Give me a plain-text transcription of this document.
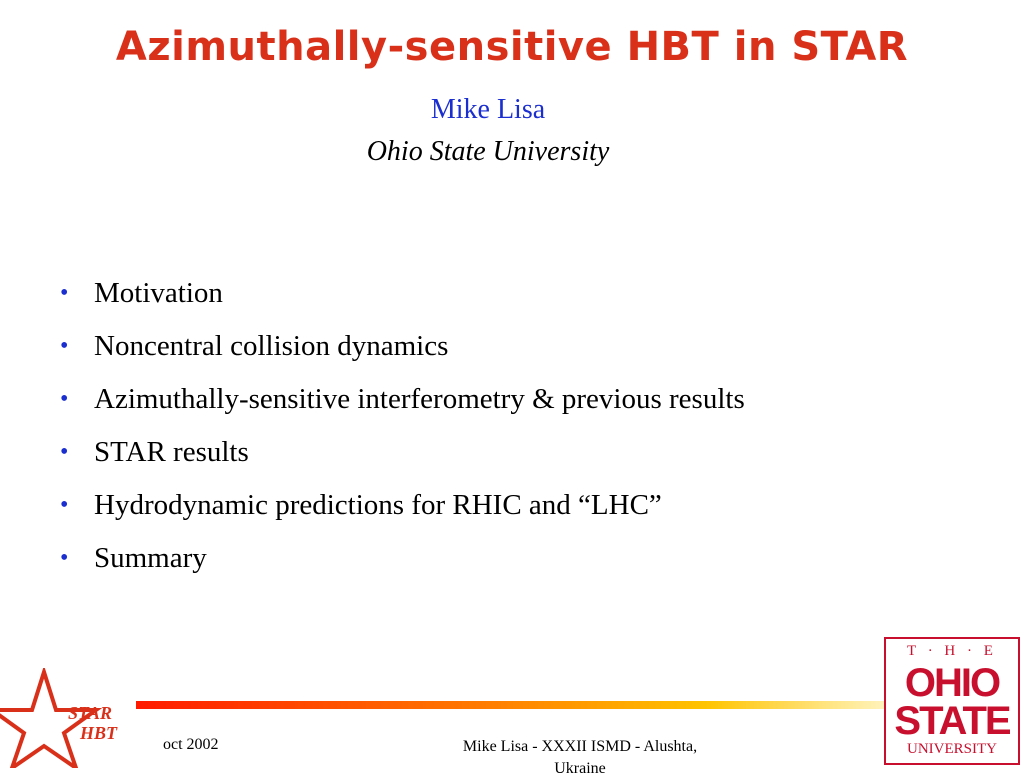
Azimuthally-sensitive HBT in STAR
Mike Lisa
Ohio State University
• Motivation
• Noncentral collision dynamics
• Azimuthally-sensitive interferometry & previous results
• STAR results
• Hydrodynamic predictions for RHIC and “LHC”
• Summary
STAR
HBT
oct 2002	Mike Lisa - XXXII ISMD - Alushta,
Ukraine
T · H · E
OHIO
STATE
UNIVERSITY
